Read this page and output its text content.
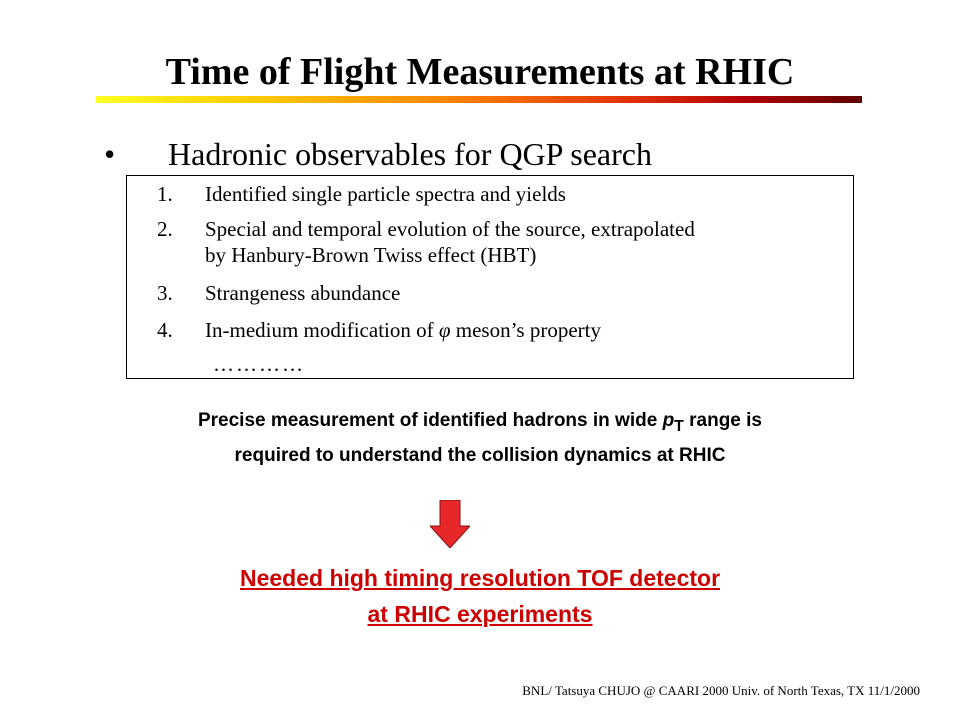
Time of Flight Measurements at RHIC
• Hadronic observables for QGP search
1. Identified single particle spectra and yields
2. Special and temporal evolution of the source, extrapolated
by Hanbury-Brown Twiss effect (HBT)
3. Strangeness abundance
4. In-medium modification of φ meson’s property
…………
Precise measurement of identified hadrons in wide $p_T$ range is
required to understand the collision dynamics at RHIC
Needed high timing resolution TOF detector
at RHIC experiments
BNL/ Tatsuya CHUJO @ CAARI 2000 Univ. of North Texas, TX 11/1/2000
